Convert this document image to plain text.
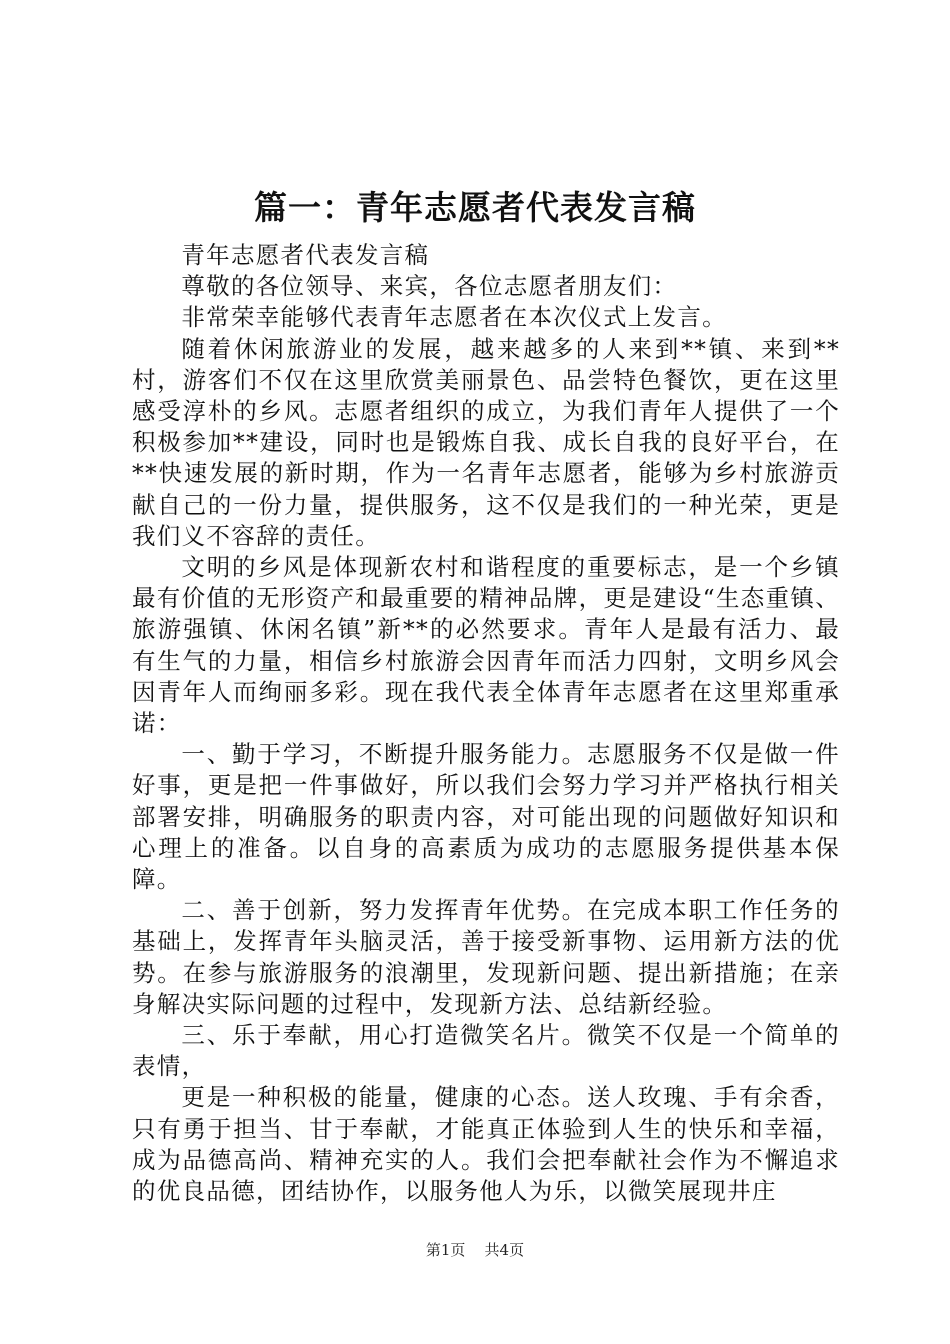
篇一：青年志愿者代表发言稿

青年志愿者代表发言稿

尊敬的各位领导、来宾，各位志愿者朋友们：

非常荣幸能够代表青年志愿者在本次仪式上发言。

随着休闲旅游业的发展，越来越多的人来到**镇、来到**村，游客们不仅在这里欣赏美丽景色、品尝特色餐饮，更在这里感受淳朴的乡风。志愿者组织的成立，为我们青年人提供了一个积极参加**建设，同时也是锻炼自我、成长自我的良好平台，在**快速发展的新时期，作为一名青年志愿者，能够为乡村旅游贡献自己的一份力量，提供服务，这不仅是我们的一种光荣，更是我们义不容辞的责任。

文明的乡风是体现新农村和谐程度的重要标志，是一个乡镇最有价值的无形资产和最重要的精神品牌，更是建设“生态重镇、旅游强镇、休闲名镇”新**的必然要求。青年人是最有活力、最有生气的力量，相信乡村旅游会因青年而活力四射，文明乡风会因青年人而绚丽多彩。现在我代表全体青年志愿者在这里郑重承诺：

一、勤于学习，不断提升服务能力。志愿服务不仅是做一件好事，更是把一件事做好，所以我们会努力学习并严格执行相关部署安排，明确服务的职责内容，对可能出现的问题做好知识和心理上的准备。以自身的高素质为成功的志愿服务提供基本保障。

二、善于创新，努力发挥青年优势。在完成本职工作任务的基础上，发挥青年头脑灵活，善于接受新事物、运用新方法的优势。在参与旅游服务的浪潮里，发现新问题、提出新措施；在亲身解决实际问题的过程中，发现新方法、总结新经验。

三、乐于奉献，用心打造微笑名片。微笑不仅是一个简单的表情，

更是一种积极的能量，健康的心态。送人玫瑰、手有余香，只有勇于担当、甘于奉献，才能真正体验到人生的快乐和幸福，成为品德高尚、精神充实的人。我们会把奉献社会作为不懈追求的优良品德，团结协作，以服务他人为乐，以微笑展现井庄

第1页 共4页
